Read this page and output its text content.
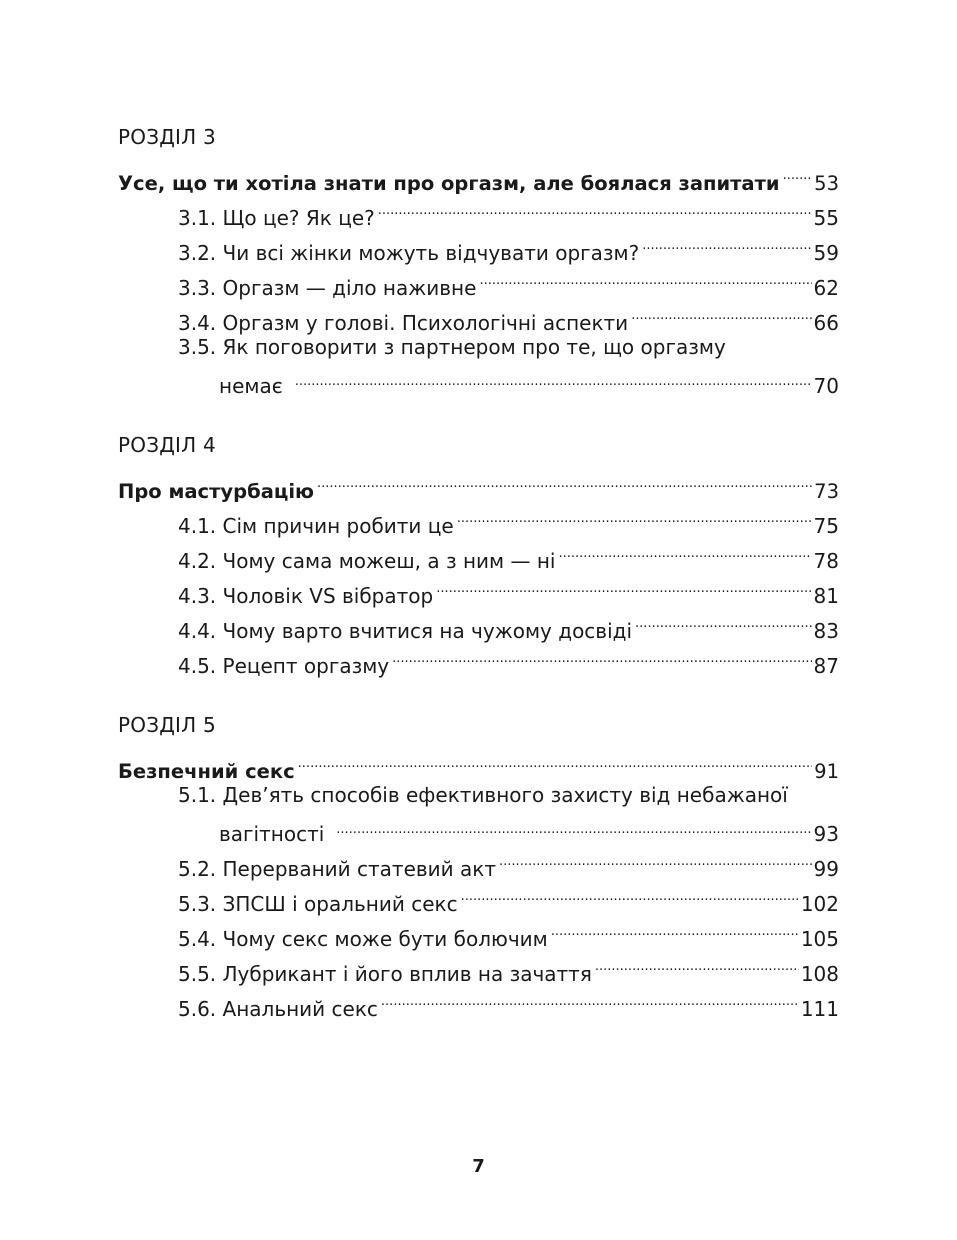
РОЗДІЛ 3
Усе, що ти хотіла знати про оргазм, але боялася запитати ..... 53
3.1. Що це? Як це? .....	55
3.2. Чи всі жінки можуть відчувати оргазм? .....	59
3.3. Оргазм — діло наживне .....	62
3.4. Оргазм у голові. Психологічні аспекти .....	66
3.5. Як поговорити з партнером про те, що оргазму
немає .....	70
РОЗДІЛ 4
Про мастурбацію .....	73
4.1. Сім причин робити це .....	75
4.2. Чому сама можеш, а з ним — ні .....	78
4.3. Чоловік VS вібратор .....	81
4.4. Чому варто вчитися на чужому досвіді .....	83
4.5. Рецепт оргазму .....	87
РОЗДІЛ 5
Безпечний секс .....	91
5.1. Дев’ять способів ефективного захисту від небажаної
вагітності .....	93
5.2. Перерваний статевий акт .....	99
5.3. ЗПСШ і оральний секс .....	102
5.4. Чому секс може бути болючим .....	105
5.5. Лубрикант і його вплив на зачаття .....	108
5.6. Анальний секс .....	111
7
